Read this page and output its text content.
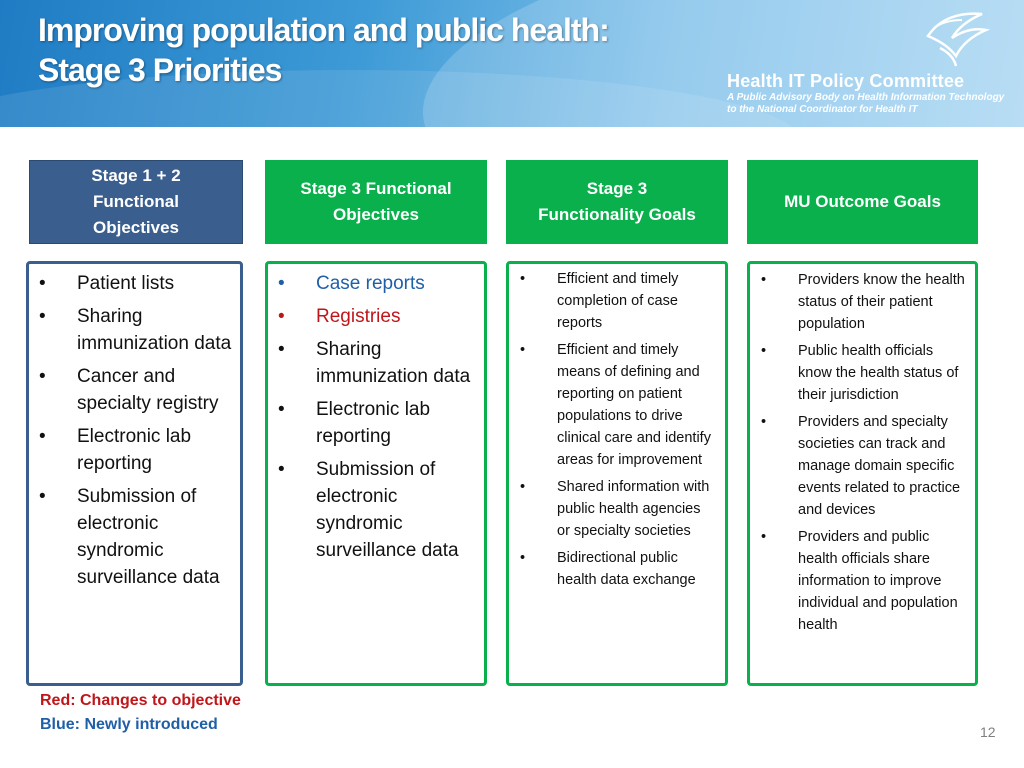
Improving population and public health:
Stage 3 Priorities	Health IT Policy Committee
A Public Advisory Body on Health Information Technology
to the National Coordinator for Health IT
Stage 1 + 2
Functional
Objectives
• Patient lists
• Sharing immunization data
• Cancer and specialty registry
• Electronic lab reporting
• Submission of electronic syndromic surveillance data
Stage 3 Functional
Objectives
• Case reports
• Registries
• Sharing immunization data
• Electronic lab reporting
• Submission of electronic syndromic surveillance data
Stage 3
Functionality Goals
• Efficient and timely completion of case reports
• Efficient and timely means of defining and reporting on patient populations to drive clinical care and identify areas for improvement
• Shared information with public health agencies or specialty societies
• Bidirectional public health data exchange
MU Outcome Goals
• Providers know the health status of their patient population
• Public health officials know the health status of their jurisdiction
• Providers and specialty societies can track and manage domain specific events related to practice and devices
• Providers and public health officials share information to improve individual and population health
Red: Changes to objective
Blue: Newly introduced	12
